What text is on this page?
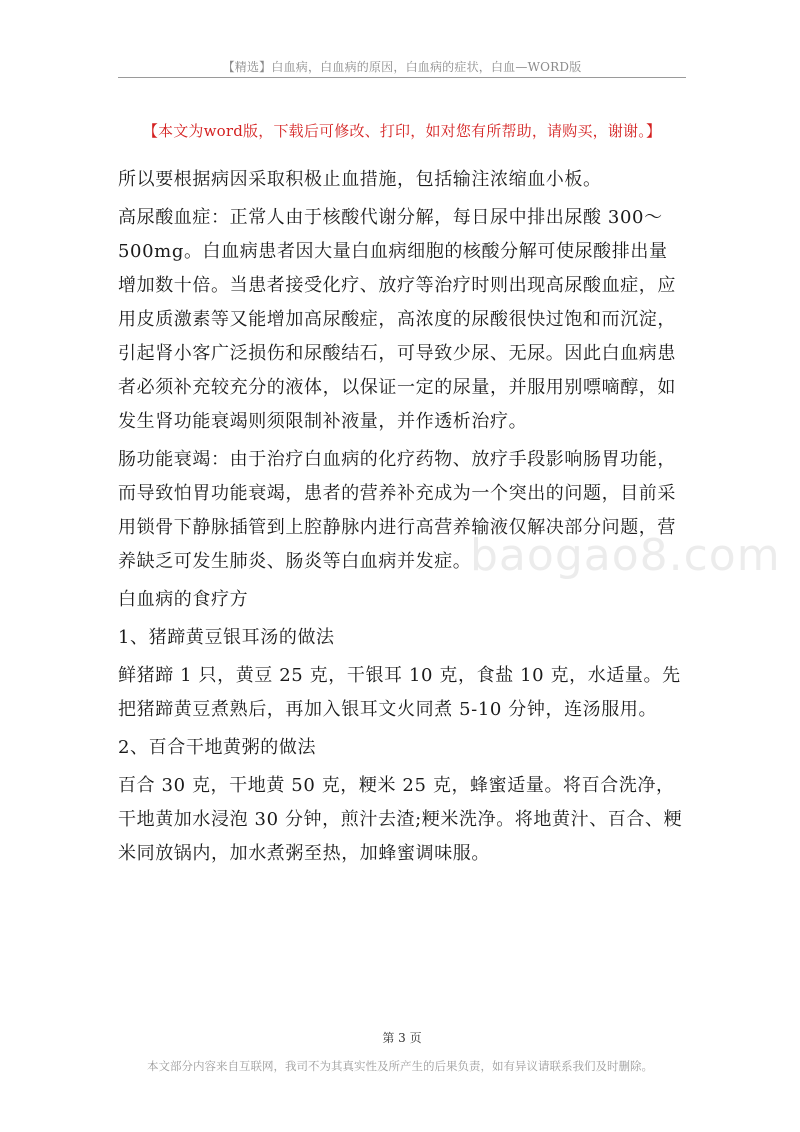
【精选】白血病，白血病的原因，白血病的症状，白血—WORD版
【本文为word版，下载后可修改、打印，如对您有所帮助，请购买，谢谢。】

所以要根据病因采取积极止血措施，包括输注浓缩血小板。

高尿酸血症：正常人由于核酸代谢分解，每日尿中排出尿酸 300～500mg。白血病患者因大量白血病细胞的核酸分解可使尿酸排出量增加数十倍。当患者接受化疗、放疗等治疗时则出现高尿酸血症，应用皮质激素等又能增加高尿酸症，高浓度的尿酸很快过饱和而沉淀，引起肾小客广泛损伤和尿酸结石，可导致少尿、无尿。因此白血病患者必须补充较充分的液体，以保证一定的尿量，并服用别嘌嘀醇，如发生肾功能衰竭则须限制补液量，并作透析治疗。

肠功能衰竭：由于治疗白血病的化疗药物、放疗手段影响肠胃功能，而导致怕胃功能衰竭，患者的营养补充成为一个突出的问题，目前采用锁骨下静脉插管到上腔静脉内进行高营养输液仅解决部分问题，营养缺乏可发生肺炎、肠炎等白血病并发症。

白血病的食疗方

1、猪蹄黄豆银耳汤的做法

鲜猪蹄 1 只，黄豆 25 克，干银耳 10 克，食盐 10 克，水适量。先把猪蹄黄豆煮熟后，再加入银耳文火同煮 5-10 分钟，连汤服用。

2、百合干地黄粥的做法

百合 30 克，干地黄 50 克，粳米 25 克，蜂蜜适量。将百合洗净，干地黄加水浸泡 30 分钟，煎汁去渣;粳米洗净。将地黄汁、百合、粳米同放锅内，加水煮粥至热，加蜂蜜调味服。

baogao8.com
第 3 页
本文部分内容来自互联网，我司不为其真实性及所产生的后果负责，如有异议请联系我们及时删除。
